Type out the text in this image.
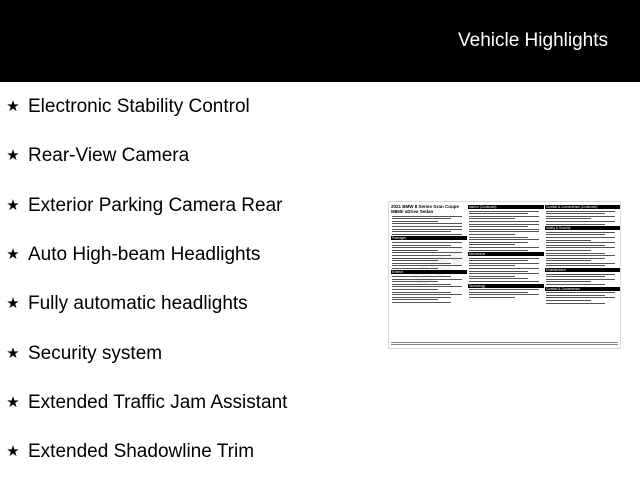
Vehicle Highlights
★ Electronic Stability Control
★ Rear-View Camera
★ Exterior Parking Camera Rear
★ Auto High-beam Headlights
★ Fully automatic headlights
★ Security system
★ Extended Traffic Jam Assistant
★ Extended Shadowline Trim
2021 BMW 8 Series Gran Coupe
M850i xDrive Sedan
Packages
Exterior
Interior (Continued)
Mechanical
Technology
Comfort & Convenience (Continued)
Safety & Security
Entertainment
Comfort & Convenience
